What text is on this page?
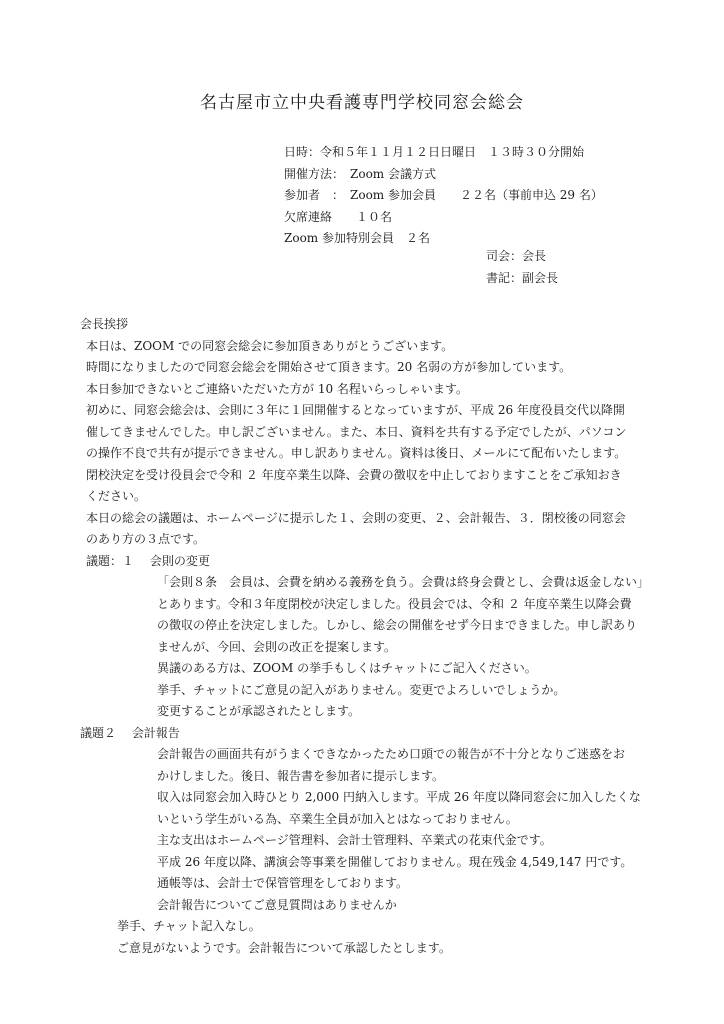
名古屋市立中央看護専門学校同窓会総会
日時：令和５年１１月１２日日曜日　１３時３０分開始
開催方法：　Zoom 会議方式
参加者　：　Zoom 参加会員　　２２名（事前申込 29 名）
欠席連絡　　１０名
Zoom 参加特別会員　２名
司会：会長
書記：副会長
会長挨拶
本日は、ZOOM での同窓会総会に参加頂きありがとうございます。
時間になりましたので同窓会総会を開始させて頂きます。20 名弱の方が参加しています。
本日参加できないとご連絡いただいた方が 10 名程いらっしゃいます。
初めに、同窓会総会は、会則に３年に１回開催するとなっていますが、平成 26 年度役員交代以降開
催してきませんでした。申し訳ございません。また、本日、資料を共有する予定でしたが、パソコン
の操作不良で共有が提示できません。申し訳ありません。資料は後日、メールにて配布いたします。
閉校決定を受け役員会で令和 ２ 年度卒業生以降、会費の徴収を中止しておりますことをご承知おき
ください。
本日の総会の議題は、ホームページに提示した１、会則の変更、２、会計報告、３．閉校後の同窓会
のあり方の３点です。
議題：１　 会則の変更
「会則８条　会員は、会費を納める義務を負う。会費は終身会費とし、会費は返金しない」
とあります。令和３年度閉校が決定しました。役員会では、令和 ２ 年度卒業生以降会費
の徴収の停止を決定しました。しかし、総会の開催をせず今日まできました。申し訳あり
ませんが、今回、会則の改正を提案します。
異議のある方は、ZOOM の挙手もしくはチャットにご記入ください。
挙手、チャットにご意見の記入がありません。変更でよろしいでしょうか。
変更することが承認されたとします。
議題２　 会計報告
会計報告の画面共有がうまくできなかったため口頭での報告が不十分となりご迷惑をお
かけしました。後日、報告書を参加者に提示します。
収入は同窓会加入時ひとり 2,000 円納入します。平成 26 年度以降同窓会に加入したくな
いという学生がいる為、卒業生全員が加入とはなっておりません。
主な支出はホームページ管理料、会計士管理料、卒業式の花束代金です。
平成 26 年度以降、講演会等事業を開催しておりません。現在残金 4,549,147 円です。
通帳等は、会計士で保管管理をしております。
会計報告についてご意見質問はありませんか
挙手、チャット記入なし。
ご意見がないようです。会計報告について承認したとします。
